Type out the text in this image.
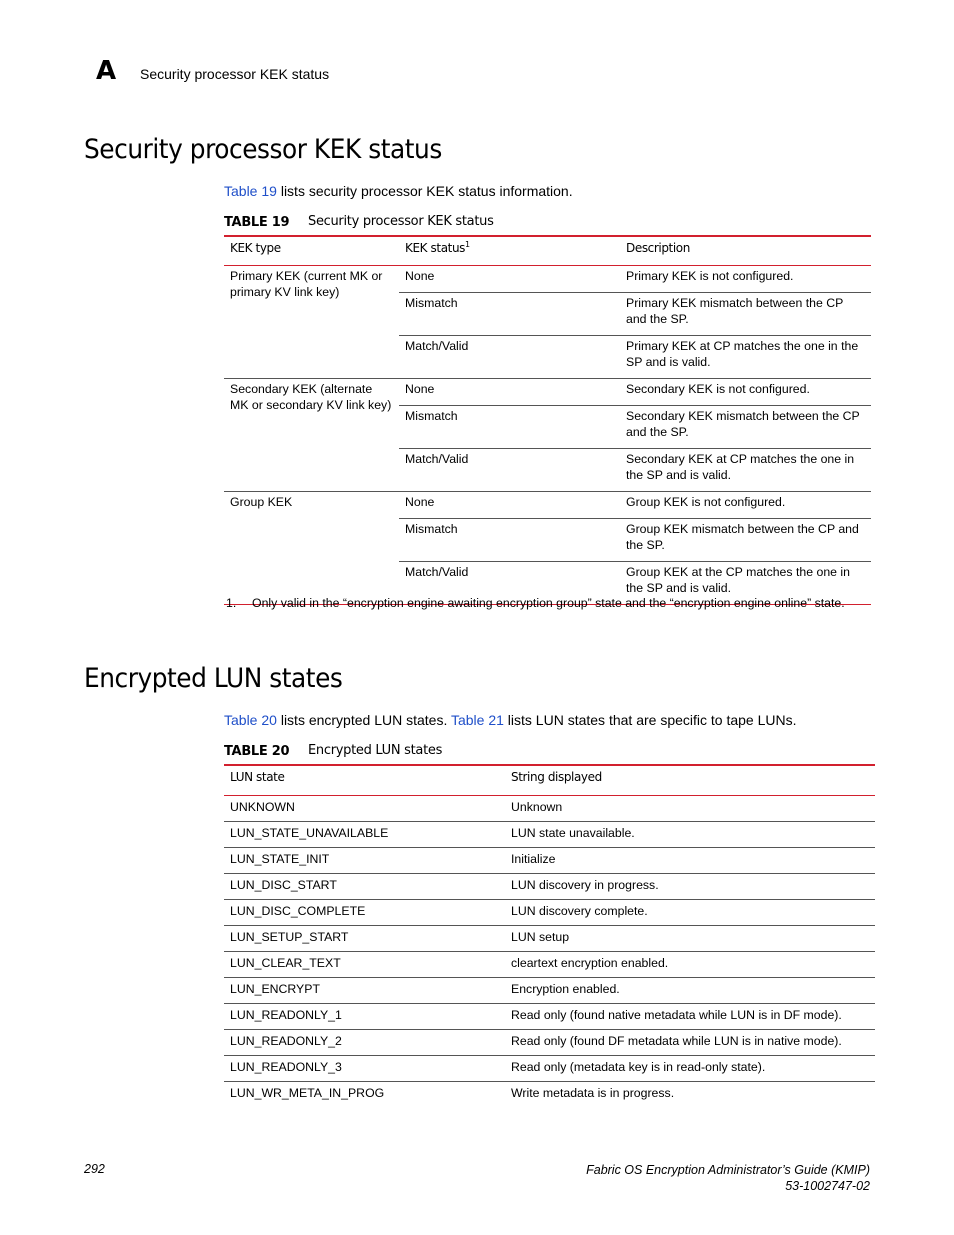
A Security processor KEK status
Security processor KEK status
Table 19 lists security processor KEK status information.
TABLE 19 Security processor KEK status
KEK type	KEK status$^1$	Description
Primary KEK (current MK or primary KV link key)	None	Primary KEK is not configured.
	Mismatch	Primary KEK mismatch between the CP and the SP.
	Match/Valid	Primary KEK at CP matches the one in the SP and is valid.
Secondary KEK (alternate MK or secondary KV link key)	None	Secondary KEK is not configured.
	Mismatch	Secondary KEK mismatch between the CP and the SP.
	Match/Valid	Secondary KEK at CP matches the one in the SP and is valid.
Group KEK	None	Group KEK is not configured.
	Mismatch	Group KEK mismatch between the CP and the SP.
	Match/Valid	Group KEK at the CP matches the one in the SP and is valid.
1. Only valid in the “encryption engine awaiting encryption group” state and the “encryption engine online” state.
Encrypted LUN states
Table 20 lists encrypted LUN states. Table 21 lists LUN states that are specific to tape LUNs.
TABLE 20 Encrypted LUN states
LUN state	String displayed
UNKNOWN	Unknown
LUN_STATE_UNAVAILABLE	LUN state unavailable.
LUN_STATE_INIT	Initialize
LUN_DISC_START	LUN discovery in progress.
LUN_DISC_COMPLETE	LUN discovery complete.
LUN_SETUP_START	LUN setup
LUN_CLEAR_TEXT	cleartext encryption enabled.
LUN_ENCRYPT	Encryption enabled.
LUN_READONLY_1	Read only (found native metadata while LUN is in DF mode).
LUN_READONLY_2	Read only (found DF metadata while LUN is in native mode).
LUN_READONLY_3	Read only (metadata key is in read-only state).
LUN_WR_META_IN_PROG	Write metadata is in progress.
292	Fabric OS Encryption Administrator’s Guide (KMIP)
53-1002747-02
